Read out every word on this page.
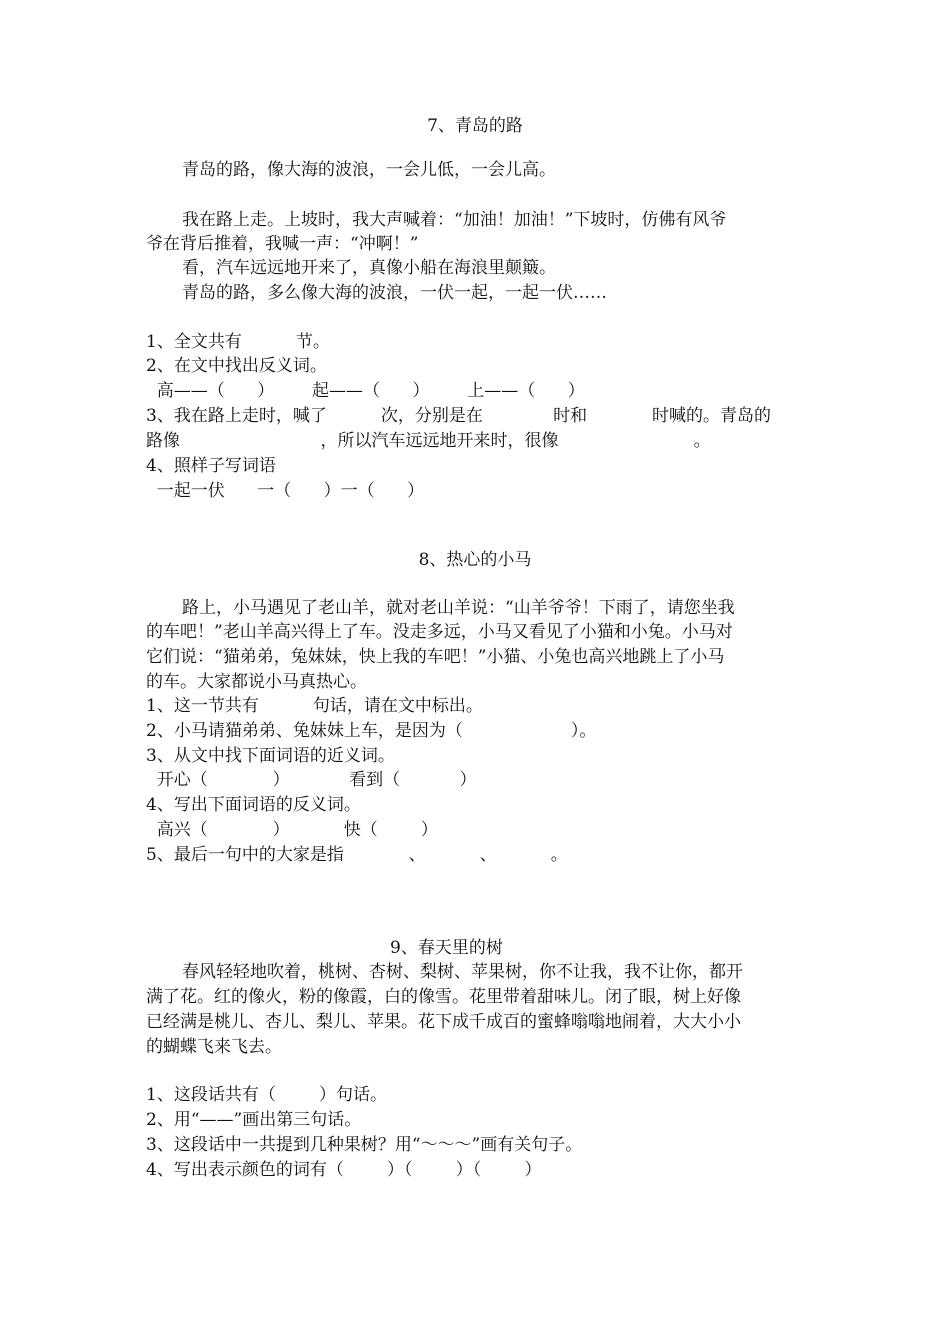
7、青岛的路
青岛的路，像大海的波浪，一会儿低，一会儿高。
我在路上走。上坡时，我大声喊着：“加油！加油！”下坡时，仿佛有风爷
爷在背后推着，我喊一声：“冲啊！”
看，汽车远远地开来了，真像小船在海浪里颠簸。
青岛的路，多么像大海的波浪，一伏一起，一起一伏……
1、全文共有          节。
2、在文中找出反义词。
高——（      ）       起——（      ）       上——（      ）
3、我在路上走时，喊了          次，分别是在             时和            时喊的。青岛的
路像                          ，所以汽车远远地开来时，很像                         。
4、照样子写词语
一起一伏      一（      ）一（      ）
8、热心的小马
路上，小马遇见了老山羊，就对老山羊说：“山羊爷爷！下雨了，请您坐我
的车吧！”老山羊高兴得上了车。没走多远，小马又看见了小猫和小兔。小马对
它们说：“猫弟弟，兔妹妹，快上我的车吧！”小猫、小兔也高兴地跳上了小马
的车。大家都说小马真热心。
1、这一节共有          句话，请在文中标出。
2、小马请猫弟弟、兔妹妹上车，是因为（                    ）。
3、从文中找下面词语的近义词。
开心（            ）           看到（           ）
4、写出下面词语的反义词。
高兴（            ）          快（        ）
5、最后一句中的大家是指            、          、          。
9、春天里的树
春风轻轻地吹着，桃树、杏树、梨树、苹果树，你不让我，我不让你，都开
满了花。红的像火，粉的像霞，白的像雪。花里带着甜味儿。闭了眼，树上好像
已经满是桃儿、杏儿、梨儿、苹果。花下成千成百的蜜蜂嗡嗡地闹着，大大小小
的蝴蝶飞来飞去。
1、这段话共有（        ）句话。
2、用“——”画出第三句话。
3、这段话中一共提到几种果树？用“～～～”画有关句子。
4、写出表示颜色的词有（        ）（        ）（        ）
